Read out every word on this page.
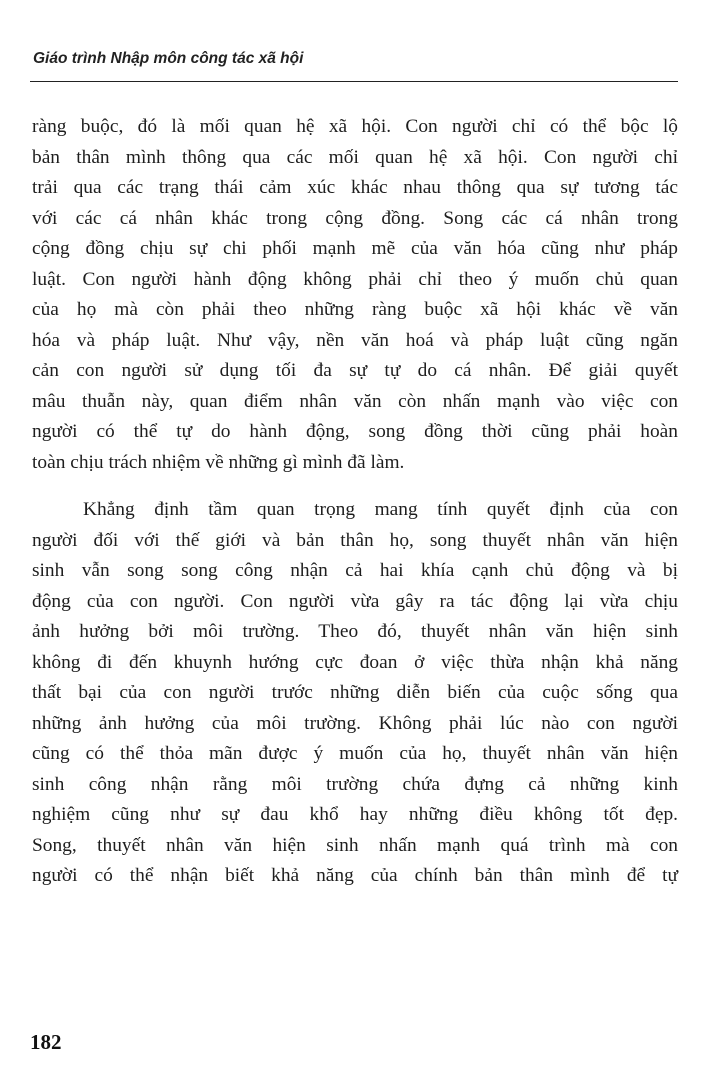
Giáo trình Nhập môn công tác xã hội
ràng buộc, đó là mối quan hệ xã hội. Con người chỉ có thể bộc lộ
bản thân mình thông qua các mối quan hệ xã hội. Con người chỉ
trải qua các trạng thái cảm xúc khác nhau thông qua sự tương tác
với các cá nhân khác trong cộng đồng. Song các cá nhân trong
cộng đồng chịu sự chi phối mạnh mẽ của văn hóa cũng như pháp
luật. Con người hành động không phải chỉ theo ý muốn chủ quan
của họ mà còn phải theo những ràng buộc xã hội khác về văn
hóa và pháp luật. Như vậy, nền văn hoá và pháp luật cũng ngăn
cản con người sử dụng tối đa sự tự do cá nhân. Để giải quyết
mâu thuẫn này, quan điểm nhân văn còn nhấn mạnh vào việc con
người có thể tự do hành động, song đồng thời cũng phải hoàn
toàn chịu trách nhiệm về những gì mình đã làm.
Khẳng định tầm quan trọng mang tính quyết định của con
người đối với thế giới và bản thân họ, song thuyết nhân văn hiện
sinh vẫn song song công nhận cả hai khía cạnh chủ động và bị
động của con người. Con người vừa gây ra tác động lại vừa chịu
ảnh hưởng bởi môi trường. Theo đó, thuyết nhân văn hiện sinh
không đi đến khuynh hướng cực đoan ở việc thừa nhận khả năng
thất bại của con người trước những diễn biến của cuộc sống qua
những ảnh hưởng của môi trường. Không phải lúc nào con người
cũng có thể thỏa mãn được ý muốn của họ, thuyết nhân văn hiện
sinh công nhận rằng môi trường chứa đựng cả những kinh
nghiệm cũng như sự đau khổ hay những điều không tốt đẹp.
Song, thuyết nhân văn hiện sinh nhấn mạnh quá trình mà con
người có thể nhận biết khả năng của chính bản thân mình để tự
182
